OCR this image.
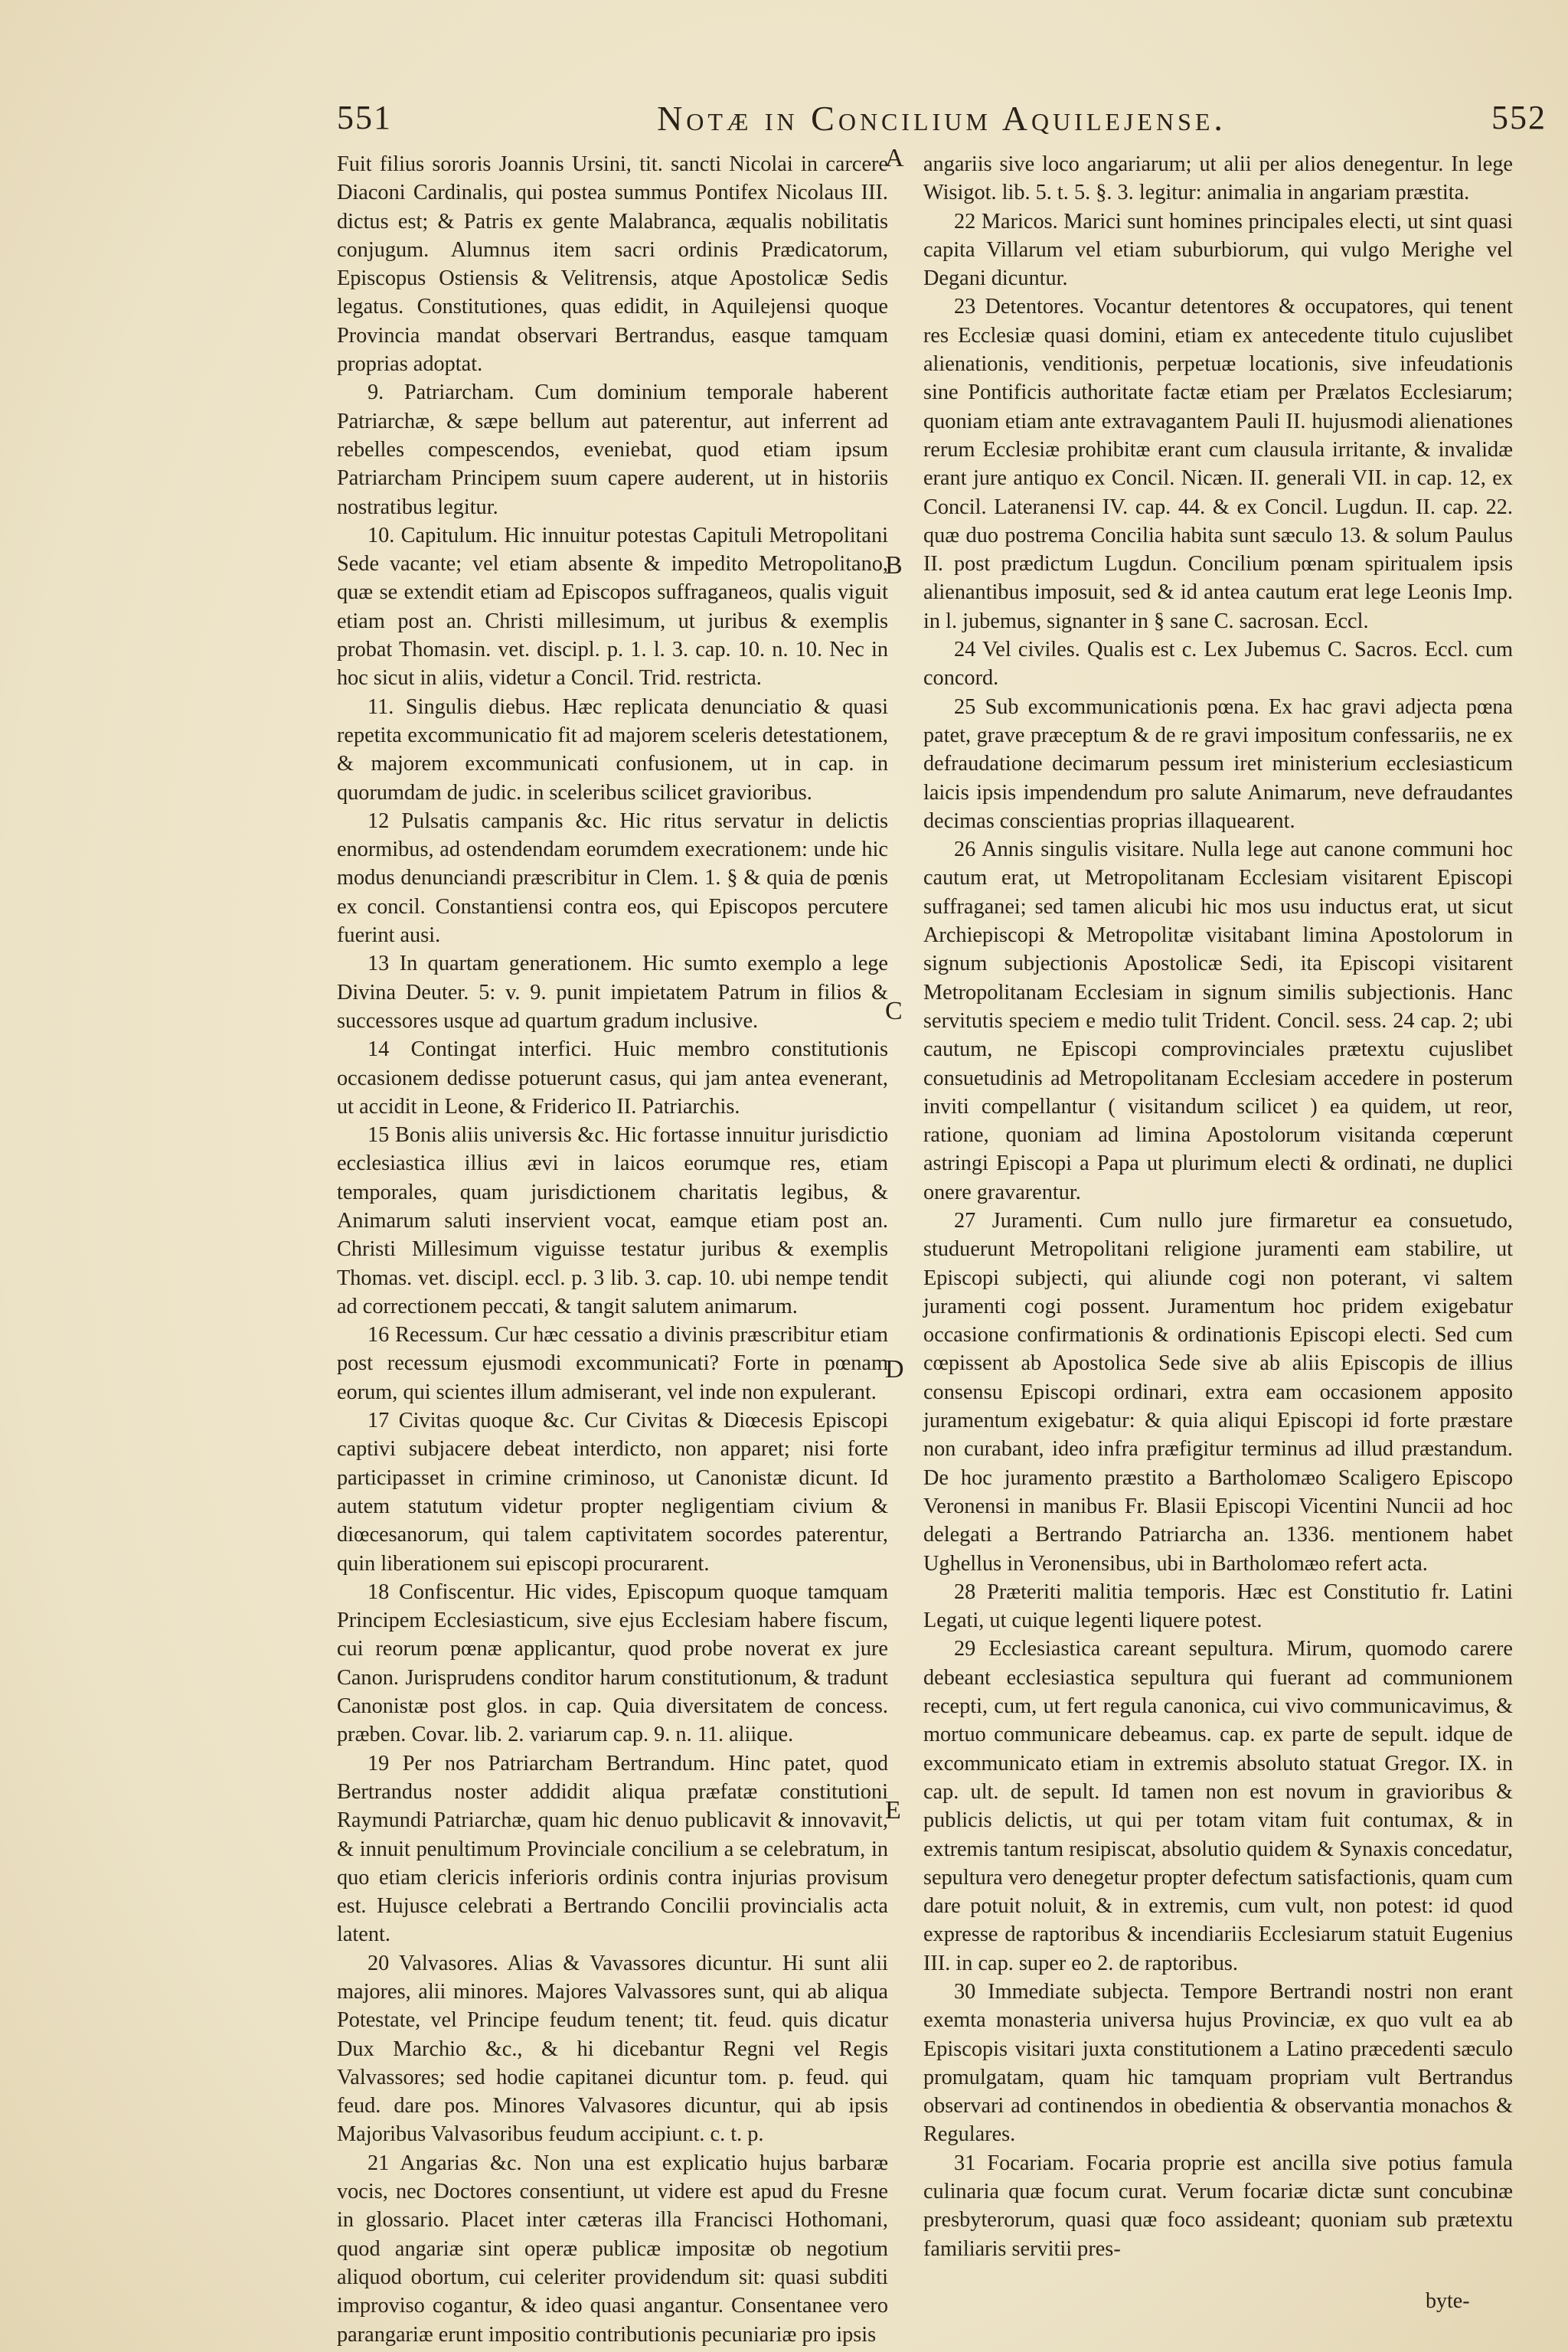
551	Notæ in Concilium Aquilejense.	552
A
B
C
D
E

Fuit filius sororis Joannis Ursini, tit. sancti Nicolai in carcere Diaconi Cardinalis, qui postea summus Pontifex Nicolaus III. dictus est; & Patris ex gente Malabranca, æqualis nobilitatis conjugum. Alumnus item sacri ordinis Prædicatorum, Episcopus Ostiensis & Velitrensis, atque Apostolicæ Sedis legatus. Constitutiones, quas edidit, in Aquilejensi quoque Provincia mandat observari Bertrandus, easque tamquam proprias adoptat.

9. Patriarcham. Cum dominium temporale haberent Patriarchæ, & sæpe bellum aut paterentur, aut inferrent ad rebelles compescendos, eveniebat, quod etiam ipsum Patriarcham Principem suum capere auderent, ut in historiis nostratibus legitur.

10. Capitulum. Hic innuitur potestas Capituli Metropolitani Sede vacante; vel etiam absente & impedito Metropolitano, quæ se extendit etiam ad Episcopos suffraganeos, qualis viguit etiam post an. Christi millesimum, ut juribus & exemplis probat Thomasin. vet. discipl. p. 1. l. 3. cap. 10. n. 10. Nec in hoc sicut in aliis, videtur a Concil. Trid. restricta.

11. Singulis diebus. Hæc replicata denunciatio & quasi repetita excommunicatio fit ad majorem sceleris detestationem, & majorem excommunicati confusionem, ut in cap. in quorumdam de judic. in sceleribus scilicet gravioribus.

12 Pulsatis campanis &c. Hic ritus servatur in delictis enormibus, ad ostendendam eorumdem execrationem: unde hic modus denunciandi præscribitur in Clem. 1. § & quia de pœnis ex concil. Constantiensi contra eos, qui Episcopos percutere fuerint ausi.

13 In quartam generationem. Hic sumto exemplo a lege Divina Deuter. 5: v. 9. punit impietatem Patrum in filios & successores usque ad quartum gradum inclusive.

14 Contingat interfici. Huic membro constitutionis occasionem dedisse potuerunt casus, qui jam antea evenerant, ut accidit in Leone, & Friderico II. Patriarchis.

15 Bonis aliis universis &c. Hic fortasse innuitur jurisdictio ecclesiastica illius ævi in laicos eorumque res, etiam temporales, quam jurisdictionem charitatis legibus, & Animarum saluti inservient vocat, eamque etiam post an. Christi Millesimum viguisse testatur juribus & exemplis Thomas. vet. discipl. eccl. p. 3 lib. 3. cap. 10. ubi nempe tendit ad correctionem peccati, & tangit salutem animarum.

16 Recessum. Cur hæc cessatio a divinis præscribitur etiam post recessum ejusmodi excommunicati? Forte in pœnam eorum, qui scientes illum admiserant, vel inde non expulerant.

17 Civitas quoque &c. Cur Civitas & Diœcesis Episcopi captivi subjacere debeat interdicto, non apparet; nisi forte participasset in crimine criminoso, ut Canonistæ dicunt. Id autem statutum videtur propter negligentiam civium & diœcesanorum, qui talem captivitatem socordes paterentur, quin liberationem sui episcopi procurarent.

18 Confiscentur. Hic vides, Episcopum quoque tamquam Principem Ecclesiasticum, sive ejus Ecclesiam habere fiscum, cui reorum pœnæ applicantur, quod probe noverat ex jure Canon. Jurisprudens conditor harum constitutionum, & tradunt Canonistæ post glos. in cap. Quia diversitatem de concess. præben. Covar. lib. 2. variarum cap. 9. n. 11. aliique.

19 Per nos Patriarcham Bertrandum. Hinc patet, quod Bertrandus noster addidit aliqua præfatæ constitutioni Raymundi Patriarchæ, quam hic denuo publicavit & innovavit, & innuit penultimum Provinciale concilium a se celebratum, in quo etiam clericis inferioris ordinis contra injurias provisum est. Hujusce celebrati a Bertrando Concilii provincialis acta latent.

20 Valvasores. Alias & Vavassores dicuntur. Hi sunt alii majores, alii minores. Majores Valvassores sunt, qui ab aliqua Potestate, vel Principe feudum tenent; tit. feud. quis dicatur Dux Marchio &c., & hi dicebantur Regni vel Regis Valvassores; sed hodie capitanei dicuntur tom. p. feud. qui feud. dare pos. Minores Valvasores dicuntur, qui ab ipsis Majoribus Valvasoribus feudum accipiunt. c. t. p.

21 Angarias &c. Non una est explicatio hujus barbaræ vocis, nec Doctores consentiunt, ut videre est apud du Fresne in glossario. Placet inter cæteras illa Francisci Hothomani, quod angariæ sint operæ publicæ impositæ ob negotium aliquod obortum, cui celeriter providendum sit: quasi subditi improviso cogantur, & ideo quasi angantur. Consentanee vero parangariæ erunt impositio contributionis pecuniariæ pro ipsis

angariis sive loco angariarum; ut alii per alios denegentur. In lege Wisigot. lib. 5. t. 5. §. 3. legitur: animalia in angariam præstita.

22 Maricos. Marici sunt homines principales electi, ut sint quasi capita Villarum vel etiam suburbiorum, qui vulgo Merighe vel Degani dicuntur.

23 Detentores. Vocantur detentores & occupatores, qui tenent res Ecclesiæ quasi domini, etiam ex antecedente titulo cujuslibet alienationis, venditionis, perpetuæ locationis, sive infeudationis sine Pontificis authoritate factæ etiam per Prælatos Ecclesiarum; quoniam etiam ante extravagantem Pauli II. hujusmodi alienationes rerum Ecclesiæ prohibitæ erant cum clausula irritante, & invalidæ erant jure antiquo ex Concil. Nicæn. II. generali VII. in cap. 12, ex Concil. Lateranensi IV. cap. 44. & ex Concil. Lugdun. II. cap. 22. quæ duo postrema Concilia habita sunt sæculo 13. & solum Paulus II. post prædictum Lugdun. Concilium pœnam spiritualem ipsis alienantibus imposuit, sed & id antea cautum erat lege Leonis Imp. in l. jubemus, signanter in § sane C. sacrosan. Eccl.

24 Vel civiles. Qualis est c. Lex Jubemus C. Sacros. Eccl. cum concord.

25 Sub excommunicationis pœna. Ex hac gravi adjecta pœna patet, grave præceptum & de re gravi impositum confessariis, ne ex defraudatione decimarum pessum iret ministerium ecclesiasticum laicis ipsis impendendum pro salute Animarum, neve defraudantes decimas conscientias proprias illaquearent.

26 Annis singulis visitare. Nulla lege aut canone communi hoc cautum erat, ut Metropolitanam Ecclesiam visitarent Episcopi suffraganei; sed tamen alicubi hic mos usu inductus erat, ut sicut Archiepiscopi & Metropolitæ visitabant limina Apostolorum in signum subjectionis Apostolicæ Sedi, ita Episcopi visitarent Metropolitanam Ecclesiam in signum similis subjectionis. Hanc servitutis speciem e medio tulit Trident. Concil. sess. 24 cap. 2; ubi cautum, ne Episcopi comprovinciales prætextu cujuslibet consuetudinis ad Metropolitanam Ecclesiam accedere in posterum inviti compellantur ( visitandum scilicet ) ea quidem, ut reor, ratione, quoniam ad limina Apostolorum visitanda cœperunt astringi Episcopi a Papa ut plurimum electi & ordinati, ne duplici onere gravarentur.

27 Juramenti. Cum nullo jure firmaretur ea consuetudo, studuerunt Metropolitani religione juramenti eam stabilire, ut Episcopi subjecti, qui aliunde cogi non poterant, vi saltem juramenti cogi possent. Juramentum hoc pridem exigebatur occasione confirmationis & ordinationis Episcopi electi. Sed cum cœpissent ab Apostolica Sede sive ab aliis Episcopis de illius consensu Episcopi ordinari, extra eam occasionem apposito juramentum exigebatur: & quia aliqui Episcopi id forte præstare non curabant, ideo infra præfigitur terminus ad illud præstandum. De hoc juramento præstito a Bartholomæo Scaligero Episcopo Veronensi in manibus Fr. Blasii Episcopi Vicentini Nuncii ad hoc delegati a Bertrando Patriarcha an. 1336. mentionem habet Ughellus in Veronensibus, ubi in Bartholomæo refert acta.

28 Præteriti malitia temporis. Hæc est Constitutio fr. Latini Legati, ut cuique legenti liquere potest.

29 Ecclesiastica careant sepultura. Mirum, quomodo carere debeant ecclesiastica sepultura qui fuerant ad communionem recepti, cum, ut fert regula canonica, cui vivo communicavimus, & mortuo communicare debeamus. cap. ex parte de sepult. idque de excommunicato etiam in extremis absoluto statuat Gregor. IX. in cap. ult. de sepult. Id tamen non est novum in gravioribus & publicis delictis, ut qui per totam vitam fuit contumax, & in extremis tantum resipiscat, absolutio quidem & Synaxis concedatur, sepultura vero denegetur propter defectum satisfactionis, quam cum dare potuit noluit, & in extremis, cum vult, non potest: id quod expresse de raptoribus & incendiariis Ecclesiarum statuit Eugenius III. in cap. super eo 2. de raptoribus.

30 Immediate subjecta. Tempore Bertrandi nostri non erant exemta monasteria universa hujus Provinciæ, ex quo vult ea ab Episcopis visitari juxta constitutionem a Latino præcedenti sæculo promulgatam, quam hic tamquam propriam vult Bertrandus observari ad continendos in obedientia & observantia monachos & Regulares.

31 Focariam. Focaria proprie est ancilla sive potius famula culinaria quæ focum curat. Verum focariæ dictæ sunt concubinæ presbyterorum, quasi quæ foco assideant; quoniam sub prætextu familiaris servitii pres-

byte-
